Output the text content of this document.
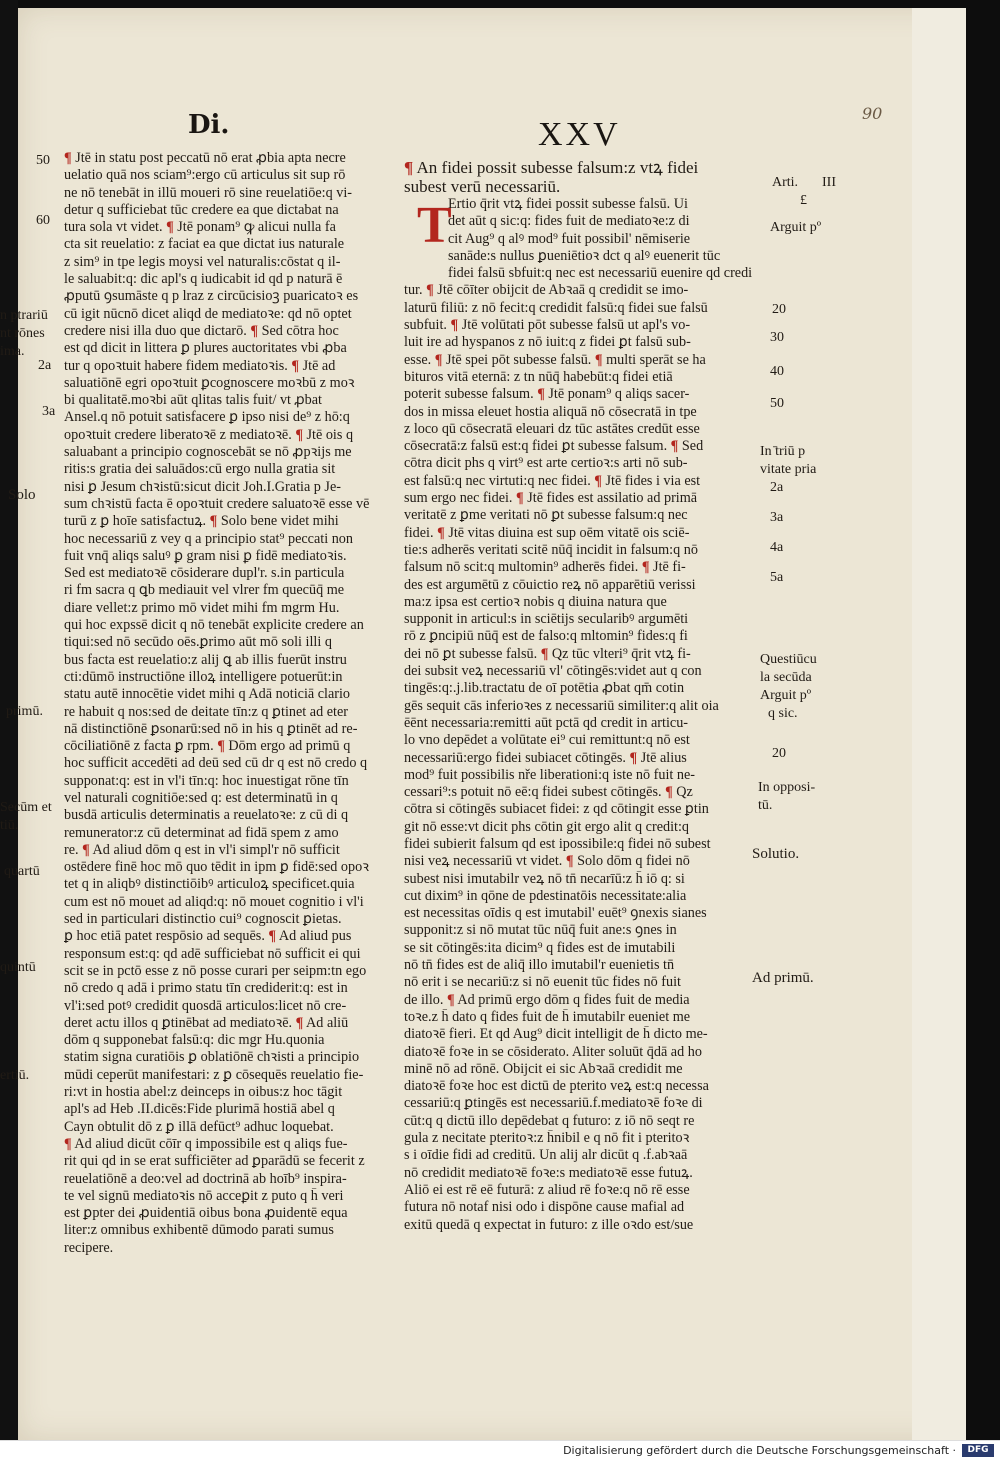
Di.	XXV
90
¶ Jtē in statu post peccatū nō erat ꝓbia apta necre
uelatio quā nos sciam⁹:ergo cū articulus sit sup rō
ne nō tenebāt in illū moueri rō sine reuelatiōe:q vi-
detur q sufficiebat tūc credere ea que dictabat na
tura sola vt videt. ¶ Jtē ponam⁹ ꝙ alicui nulla fa
cta sit reuelatio: z faciat ea que dictat ius naturale
z sim⁹ in tpe legis moysi vel naturalis:cōstat q il-
le saluabit:q: dic apl's q iudicabit id qd p naturā ē
ꝓputū ꝯsumāste q p lraz z circūcisioꝫ puaricatoꝛ es
cū igit nūcnō dicet aliqd de mediatoꝛe: qd nō optet
credere nisi illa duo que dictarō. ¶ Sed cōtra hoc
est qd dicit in littera ꝑ plures auctoritates vbi ꝓba
tur q opoꝛtuit habere fidem mediatoꝛis. ¶ Jtē ad
saluatiōnē egri opoꝛtuit ꝑcognoscere moꝛbū z moꝛ
bi qualitatē.moꝛbi aūt qlitas talis fuit/ vt ꝓbat
Ansel.q nō potuit satisfacere ꝑ ipso nisi de⁹ z hō:q
opoꝛtuit credere liberatoꝛē z mediatoꝛē. ¶ Jtē ois q
saluabant a principio cognoscebāt se nō ꝓpꝛijs me
ritis:s gratia dei saluādos:cū ergo nulla gratia sit
nisi ꝑ Jesum chꝛistū:sicut dicit Joh.I.Gratia p Je-
sum chꝛistū facta ē opoꝛtuit credere saluatoꝛē esse vē
turū z ꝑ hoīe satisfactuꝝ. ¶ Solo bene videt mihi
hoc necessariū z vey q a principio stat⁹ peccati non
fuit vnq̄ aliqs saluꝰ ꝑ gram nisi ꝑ fidē mediatoꝛis.
Sed est mediatoꝛē cōsiderare dupl'r. s.in particula
ri fm sacra q ꝗb mediauit vel vlrer fm quecūq̄ me
diare vellet:z primo mō videt mihi fm mgrm Hu.
qui hoc expssē dicit q nō tenebāt explicite credere an
tiqui:sed nō secūdo oēs.ꝑrimo aūt mō soli illi q
bus facta est reuelatio:z alij ꝗ ab illis fuerūt instru
cti:dūmō instructiōne illoꝝ intelligere potuerūt:in
statu autē innocētie videt mihi q Adā noticiā clario
re habuit q nos:sed de deitate tīn:z q ꝑtinet ad eter
nā distinctiōnē ꝑsonarū:sed nō in his q ꝑtinēt ad re-
cōciliatiōnē z facta ꝑ rpm. ¶ Dōm ergo ad primū q
hoc sufficit accedēti ad deū sed cū dr q est nō credo q
supponat:q: est in vl'i tīn:q: hoc inuestigat rōne tīn
vel naturali cognitiōe:sed q: est determinatū in q
busdā articulis determinatis a reuelatoꝛe: z cū di q
remunerator:z cū determinat ad fidā spem z amo
re. ¶ Ad aliud dōm q est in vl'i simpl'r nō sufficit
ostēdere finē hoc mō quo tēdit in ipm ꝑ fidē:sed opoꝛ
tet q in aliqbꝰ distinctiōibꝰ articuloꝝ specificet.quia
cum est nō mouet ad aliqd:q: nō mouet cognitio i vl'i
sed in particulari distinctio cui⁹ cognoscit ꝑietas.
ꝑ hoc etiā patet respōsio ad sequēs. ¶ Ad aliud pus
responsum est:q: qd adē sufficiebat nō sufficit ei qui
scit se in pctō esse z nō posse curari per seipm:tn ego
nō credo q adā i primo statu tīn crediderit:q: est in
vl'i:sed potꝰ credidit quosdā articulos:licet nō cre-
deret actu illos q ꝑtinēbat ad mediatoꝛē. ¶ Ad aliū
dōm q supponebat falsū:q: dic mgr Hu.quonia
statim signa curatiōis ꝑ oblatiōnē chꝛisti a principio
mūdi ceperūt manifestari: z ꝑ cōsequēs reuelatio fie-
ri:vt in hostia abel:z deinceps in oibus:z hoc tāgit
apl's ad Heb .II.dicēs:Fide plurimā hostiā abel q
Cayn obtulit dō z ꝑ illā defūct⁹ adhuc loquebat.
¶ Ad aliud dicūt cōīr q impossibile est q aliqs fue-
rit qui qd in se erat sufficiēter ad ꝑparādū se fecerit z
reuelatiōnē a deo:vel ad doctrinā ab hoīb⁹ inspira-
te vel signū mediatoꝛis nō acceꝑit z puto q h̄ veri
est ꝑpter dei ꝓuidentiā oibus bona ꝓuidentē equa
liter:z omnibus exhibentē dūmodo parati sumus
recipere.
T
¶ An fidei possit subesse falsum:z vtꝝ fidei
subest verū necessariū.
Ertio q̄rit vtꝝ fidei possit subesse falsū. Ui
det aūt q sic:q: fides fuit de mediatoꝛe:z di
cit Aug⁹ q alꝰ mod⁹ fuit possibil' nēmiserie
sanāde:s nullus ꝑueniētioꝛ dct q alꝰ euenerit tūc
fidei falsū sbfuit:q nec est necessariū euenire qd credi
tur. ¶ Jtē cōīter obijcit de Abꝛaā q credidit se imo-
laturū filiū: z nō fecit:q credidit falsū:q fidei sue falsū
subfuit. ¶ Jtē volūtati pōt subesse falsū ut apl's vo-
luit ire ad hyspanos z nō iuit:q z fidei ꝑt falsū sub-
esse. ¶ Jtē spei pōt subesse falsū. ¶ multi sperāt se ha
bituros vitā eternā: z tn nūq̄ habebūt:q fidei etiā
poterit subesse falsum. ¶ Jtē ponam⁹ q aliqs sacer-
dos in missa eleuet hostia aliquā nō cōsecratā in tpe
z loco qū cōsecratā eleuari dz tūc astātes credūt esse
cōsecratā:z falsū est:q fidei ꝑt subesse falsum. ¶ Sed
cōtra dicit phs q virt⁹ est arte certioꝛ:s arti nō sub-
est falsū:q nec virtuti:q nec fidei. ¶ Jtē fides i via est
sum ergo nec fidei. ¶ Jtē fides est assilatio ad primā
veritatē z ꝑme veritati nō ꝑt subesse falsum:q nec
fidei. ¶ Jtē vitas diuina est sup oēm vitatē ois sciē-
tie:s adherēs veritati scitē nūq̄ incidit in falsum:q nō
falsum nō scit:q multomin⁹ adherēs fidei. ¶ Jtē fi-
des est argumētū z cōuictio reꝝ nō apparētiū verissi
ma:z ipsa est certioꝛ nobis q diuina natura que
supponit in articul:s in sciētijs secularibꝰ argumēti
rō z ꝑncipiū nūq̄ est de falso:q mltomin⁹ fides:q fi
dei nō ꝑt subesse falsū. ¶ Qz tūc vlteri⁹ q̄rit vtꝝ fi-
dei subsit veꝝ necessariū vl' cōtingēs:videt aut q con
tingēs:q:.j.lib.tractatu de oī potētia ꝓbat qm̄ cotin
gēs sequit cās inferioꝛes z necessariū similiter:q alit oia
ēēnt necessaria:remitti aūt pctā qd credit in articu-
lo vno depēdet a volūtate ei⁹ cui remittunt:q nō est
necessariū:ergo fidei subiacet cōtingēs. ¶ Jtē alius
mod⁹ fuit possibilis nře liberationi:q iste nō fuit ne-
cessari⁹:s potuit nō eē:q fidei subest cōtingēs. ¶ Qz
cōtra si cōtingēs subiacet fidei: z qd cōtingit esse ꝑtin
git nō esse:vt dicit phs cōtin git ergo alit q credit:q
fidei subierit falsum qd est ipossibile:q fidei nō subest
nisi veꝝ necessariū vt videt. ¶ Solo dōm q fidei nō
subest nisi imutabilr veꝝ nō tn̄ necarīū:z h̄ iō q: si
cut dixim⁹ in qōne de pdestinatōis necessitate:alia
est necessitas oīdis q est imutabil' euēt⁹ ꝯnexis sianes
supponit:z si nō mutat tūc nūq̄ fuit ane:s ꝯnes in
se sit cōtingēs:ita dicim⁹ q fides est de imutabili
nō tn̄ fides est de aliq̄ illo imutabil'r euenietis tn̄
nō erit i se necariū:z si nō euenit tūc fides nō fuit
de illo. ¶ Ad primū ergo dōm q fides fuit de media
toꝛe.z h̄ dato q fides fuit de h̄ imutabilr eueniet me
diatoꝛē fieri. Et qd Aug⁹ dicit intelligit de h̄ dicto me-
diatoꝛē foꝛe in se cōsiderato. Aliter soluūt q̄dā ad ho
minē nō ad rōnē. Obijcit ei sic Abꝛaā credidit me
diatoꝛē foꝛe hoc est dictū de pterito veꝝ est:q necessa
cessariū:q ꝑtingēs est necessariū.f.mediatoꝛē foꝛe di
cūt:q q dictū illo depēdebat q futuro: z iō nō seqt re
gula z necitate pteritoꝛ:z h̄nibil e q nō fit i pteritoꝛ
s i oīdie fidi ad creditū. Un alij alr dicūt q .f.abꝛaā
nō credidit mediatoꝛē foꝛe:s mediatoꝛē esse futuꝝ.
Aliō ei est rē eē futurā: z aliud rē foꝛe:q nō rē esse
futura nō notaf nisi odo i dispōne cause mafial ad
exitū quedā q expectat in futuro: z ille oꝛdo est/sue
50
60
n ptrariū
nt rōnes
ima.
2a
3a
Solo
primū.
Secūm et
tiū.
quartū
quintū
ertiū.
Arti. III
£
Arguit pº
20
30
40
50
In ̄triū p
vitate pria
2a
3a
4a
5a
Questiūcu
la secūda
Arguit pº
q sic.
20
In opposi-
tū.
Solutio.
Ad primū.
Digitalisierung gefördert durch die Deutsche Forschungsgemeinschaft ·	DFG
